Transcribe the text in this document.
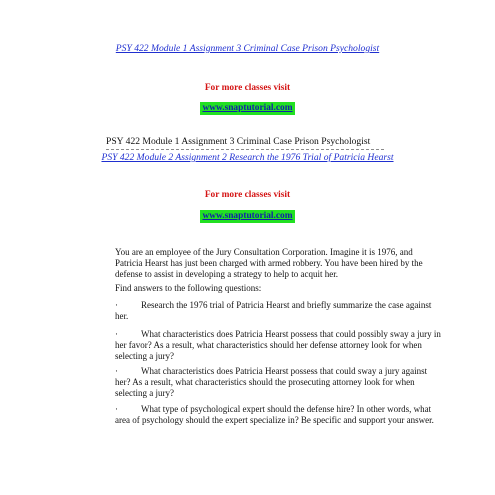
PSY 422 Module 1 Assignment 3 Criminal Case Prison Psychologist
For more classes visit
www.snaptutorial.com
PSY 422 Module 1 Assignment 3 Criminal Case Prison Psychologist
PSY 422 Module 2 Assignment 2 Research the 1976 Trial of Patricia Hearst
For more classes visit
www.snaptutorial.com
You are an employee of the Jury Consultation Corporation. Imagine it is 1976, and
Patricia Hearst has just been charged with armed robbery. You have been hired by the
defense to assist in developing a strategy to help to acquit her.
Find answers to the following questions:
·	Research the 1976 trial of Patricia Hearst and briefly summarize the case against
her.
·	What characteristics does Patricia Hearst possess that could possibly sway a jury in
her favor? As a result, what characteristics should her defense attorney look for when
selecting a jury?
·	What characteristics does Patricia Hearst possess that could sway a jury against
her? As a result, what characteristics should the prosecuting attorney look for when
selecting a jury?
·	What type of psychological expert should the defense hire? In other words, what
area of psychology should the expert specialize in? Be specific and support your answer.
